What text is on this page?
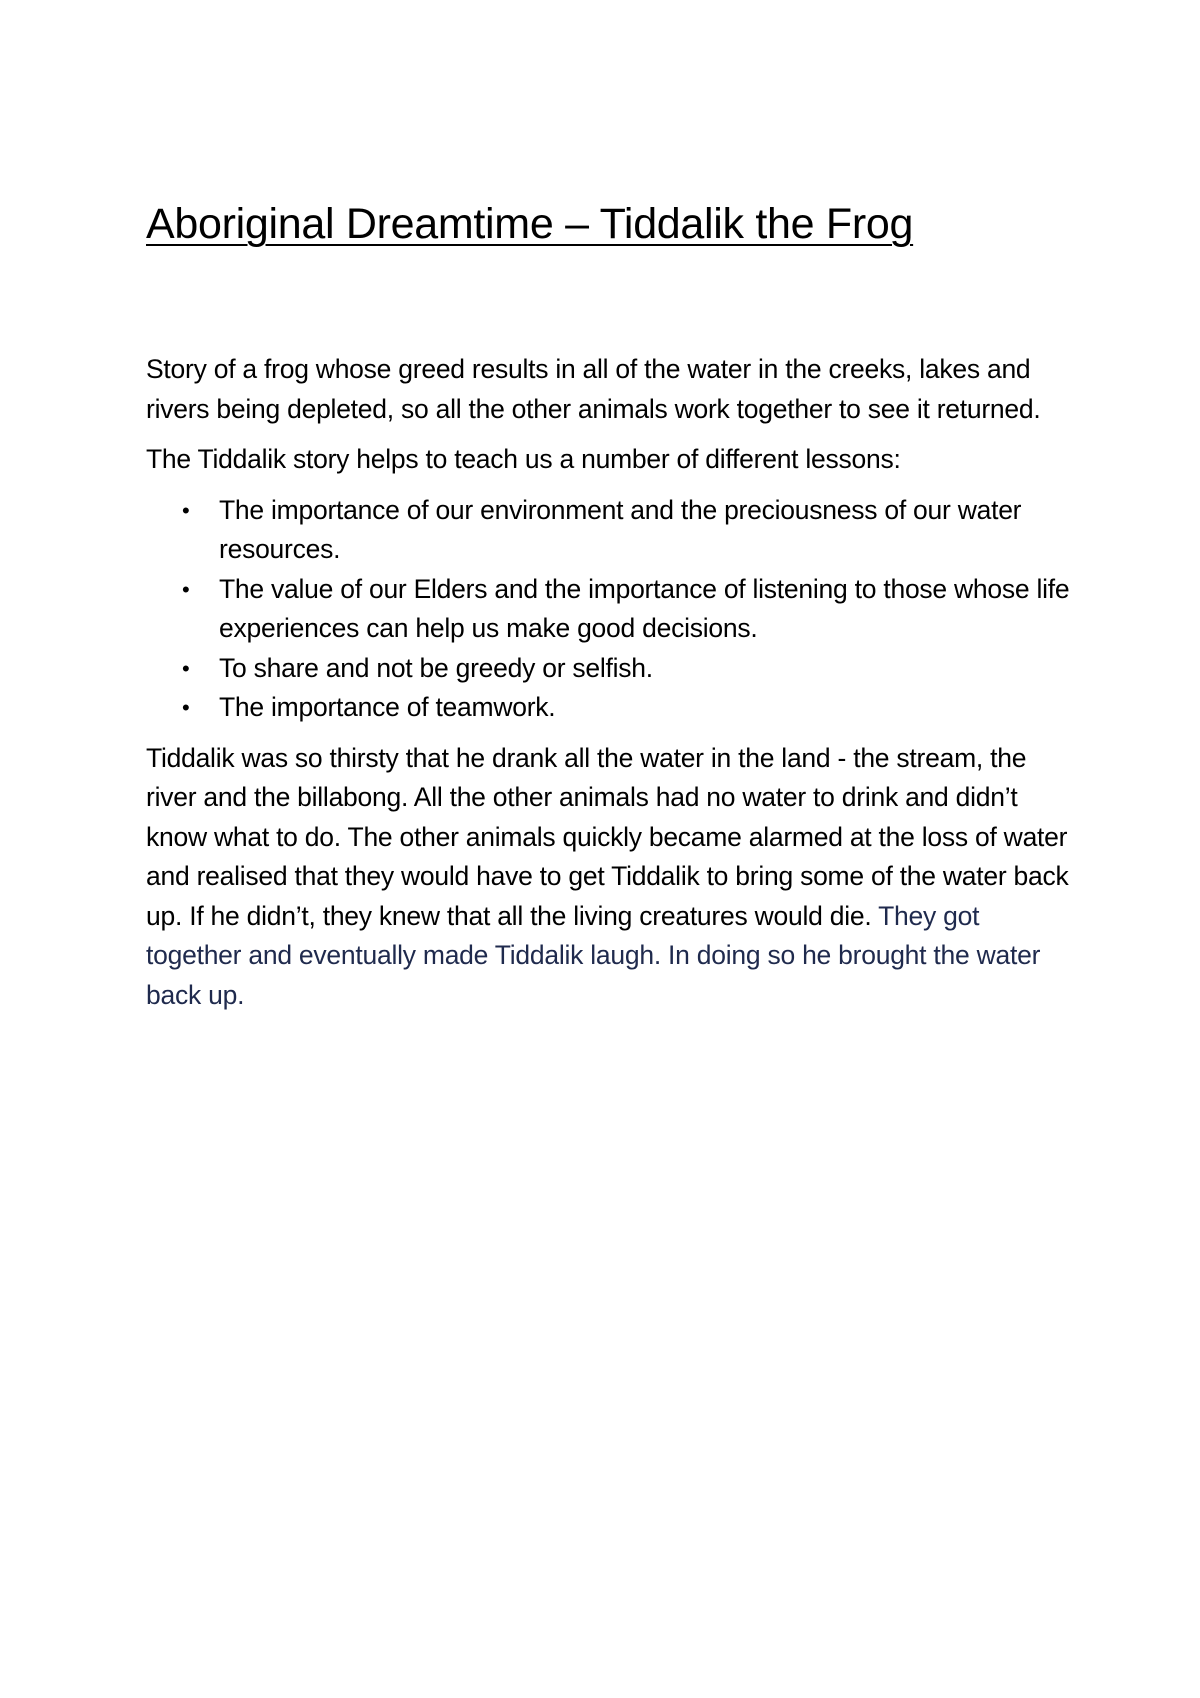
Aboriginal Dreamtime – Tiddalik the Frog

Story of a frog whose greed results in all of the water in the creeks, lakes and rivers being depleted, so all the other animals work together to see it returned.

The Tiddalik story helps to teach us a number of different lessons:

• The importance of our environment and the preciousness of our water resources.
• The value of our Elders and the importance of listening to those whose life experiences can help us make good decisions.
• To share and not be greedy or selfish.
• The importance of teamwork.

Tiddalik was so thirsty that he drank all the water in the land - the stream, the river and the billabong. All the other animals had no water to drink and didn’t know what to do. The other animals quickly became alarmed at the loss of water and realised that they would have to get Tiddalik to bring some of the water back up. If he didn’t, they knew that all the living creatures would die. They got together and eventually made Tiddalik laugh. In doing so he brought the water back up.
